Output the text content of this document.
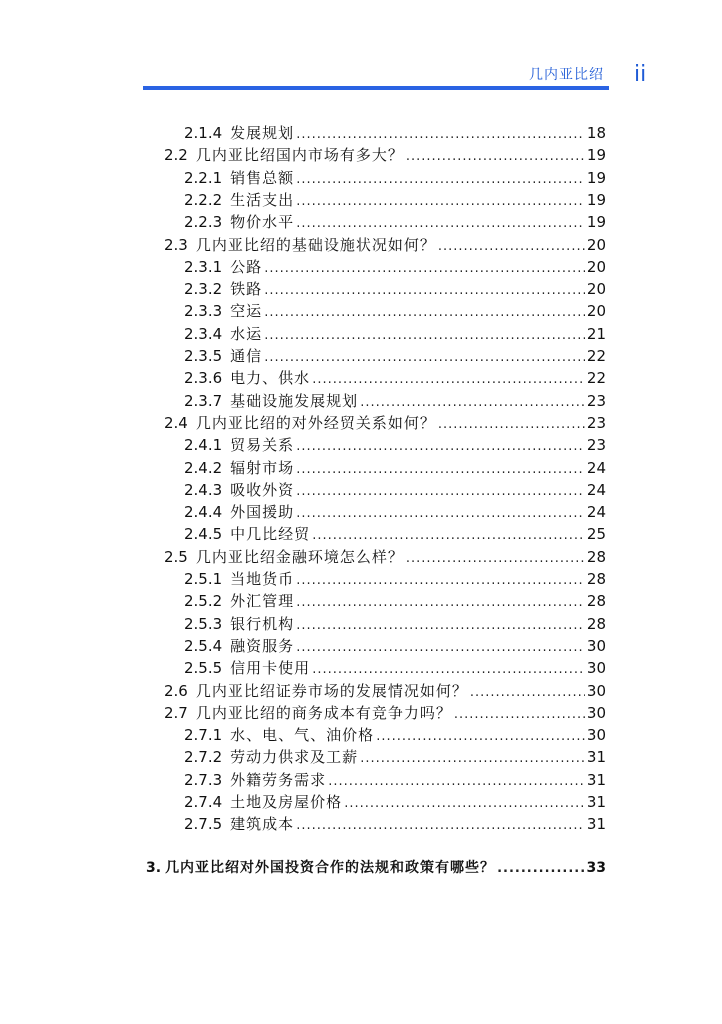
几内亚比绍 ii
2.1.4 发展规划 .....	18
2.2 几内亚比绍国内市场有多大？ .....	19
2.2.1 销售总额 .....	19
2.2.2 生活支出 .....	19
2.2.3 物价水平 .....	19
2.3 几内亚比绍的基础设施状况如何？ .....	20
2.3.1 公路 .....	20
2.3.2 铁路 .....	20
2.3.3 空运 .....	20
2.3.4 水运 .....	21
2.3.5 通信 .....	22
2.3.6 电力、供水 .....	22
2.3.7 基础设施发展规划 .....	23
2.4 几内亚比绍的对外经贸关系如何？ .....	23
2.4.1 贸易关系 .....	23
2.4.2 辐射市场 .....	24
2.4.3 吸收外资 .....	24
2.4.4 外国援助 .....	24
2.4.5 中几比经贸 .....	25
2.5 几内亚比绍金融环境怎么样？ .....	28
2.5.1 当地货币 .....	28
2.5.2 外汇管理 .....	28
2.5.3 银行机构 .....	28
2.5.4 融资服务 .....	30
2.5.5 信用卡使用 .....	30
2.6 几内亚比绍证券市场的发展情况如何？ .....	30
2.7 几内亚比绍的商务成本有竞争力吗？ .....	30
2.7.1 水、电、气、油价格 .....	30
2.7.2 劳动力供求及工薪 .....	31
2.7.3 外籍劳务需求 .....	31
2.7.4 土地及房屋价格 .....	31
2.7.5 建筑成本 .....	31
3. 几内亚比绍对外国投资合作的法规和政策有哪些？ .....	33
